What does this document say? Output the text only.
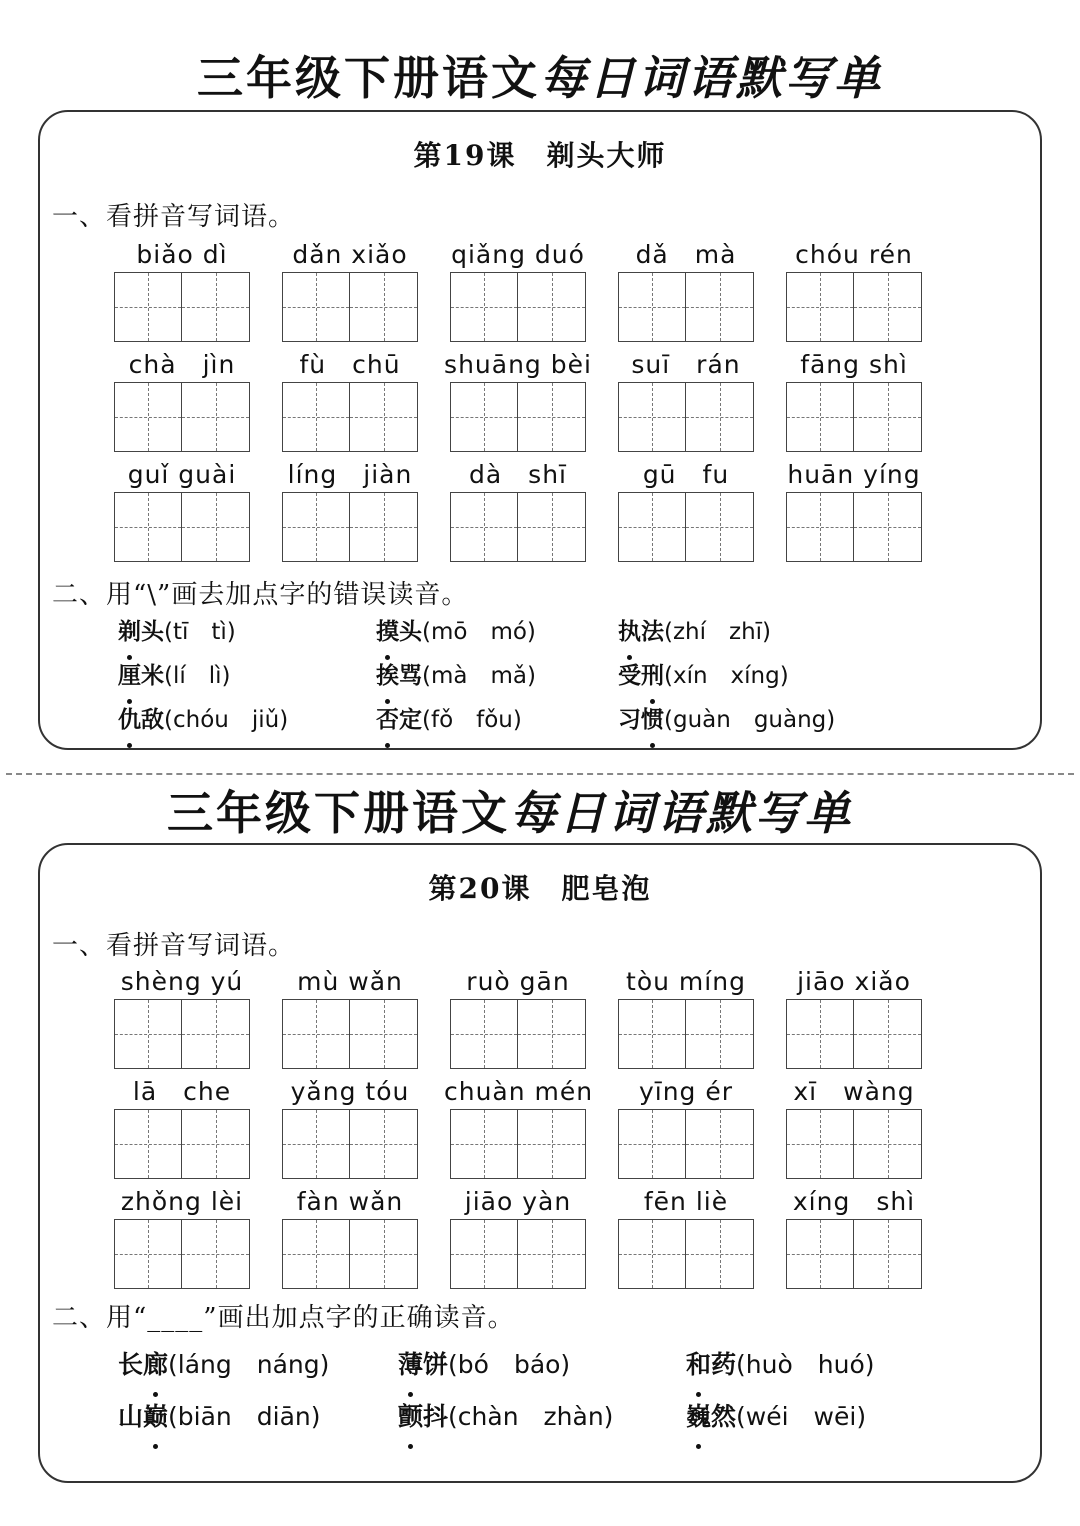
三年级下册语文每日词语默写单
第19课　剃头大师
一、看拼音写词语。
biǎo dì	dǎn xiǎo	qiǎng duó	dǎ　mà	chóu rén
chà　jìn	fù　chū	shuāng bèi	suī　rán	fāng shì
guǐ guài	líng　jiàn	dà　shī	gū　fu	huān yíng
二、用“\”画去加点字的错误读音。
剃头(tī　tì)	摸头(mō　mó)	执法(zhí　zhī)
厘米(lí　lì)	挨骂(mà　mǎ)	受刑(xín　xíng)
仇敌(chóu　jiǔ)	否定(fǒ　fǒu)	习惯(guàn　guàng)
三年级下册语文每日词语默写单
第20课　肥皂泡
一、看拼音写词语。
shèng yú	mù wǎn	ruò gān	tòu míng	jiāo xiǎo
lā　che	yǎng tóu	chuàn mén	yīng ér	xī　wàng
zhǒng lèi	fàn wǎn	jiāo yàn	fēn liè	xíng　shì
二、用“____”画出加点字的正确读音。
长廊(láng　náng)	薄饼(bó　báo)	和药(huò　huó)
山巅(biān　diān)	颤抖(chàn　zhàn)	巍然(wéi　wēi)
